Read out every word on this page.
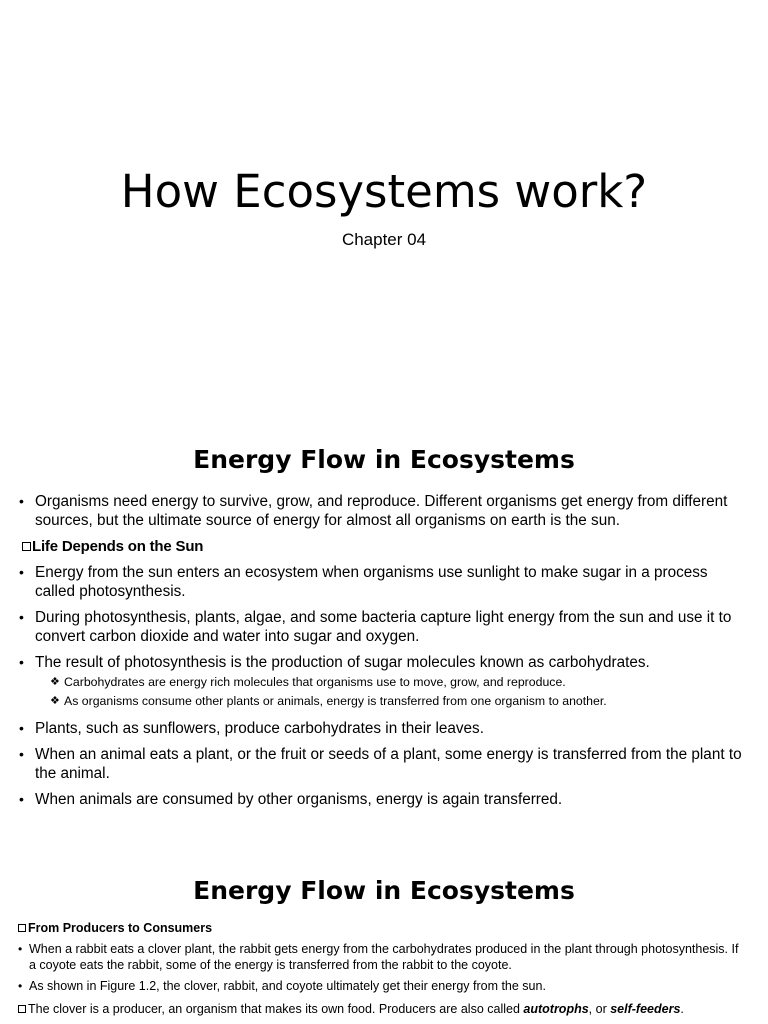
How Ecosystems work?
Chapter 04
Energy Flow in Ecosystems
• Organisms need energy to survive, grow, and reproduce. Different organisms get energy from different sources, but the ultimate source of energy for almost all organisms on earth is the sun.
Life Depends on the Sun
• Energy from the sun enters an ecosystem when organisms use sunlight to make sugar in a process called photosynthesis.
• During photosynthesis, plants, algae, and some bacteria capture light energy from the sun and use it to convert carbon dioxide and water into sugar and oxygen.
• The result of photosynthesis is the production of sugar molecules known as carbohydrates.
❖ Carbohydrates are energy rich molecules that organisms use to move, grow, and reproduce.
❖ As organisms consume other plants or animals, energy is transferred from one organism to another.
• Plants, such as sunflowers, produce carbohydrates in their leaves.
• When an animal eats a plant, or the fruit or seeds of a plant, some energy is transferred from the plant to the animal.
• When animals are consumed by other organisms, energy is again transferred.
Energy Flow in Ecosystems
From Producers to Consumers
• When a rabbit eats a clover plant, the rabbit gets energy from the carbohydrates produced in the plant through photosynthesis. If a coyote eats the rabbit, some of the energy is transferred from the rabbit to the coyote.
• As shown in Figure 1.2, the clover, rabbit, and coyote ultimately get their energy from the sun.
The clover is a producer, an organism that makes its own food. Producers are also called autotrophs, or self-feeders.
